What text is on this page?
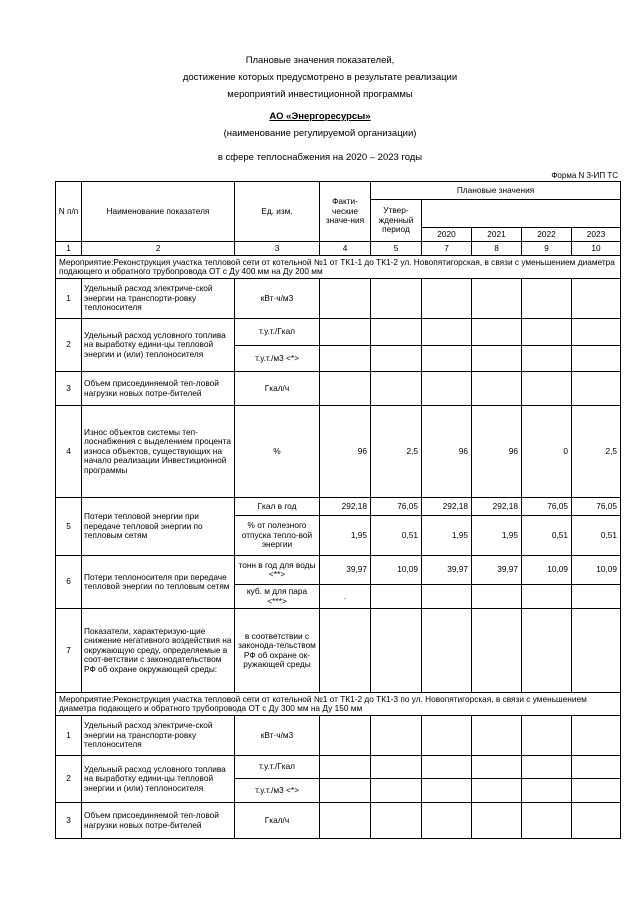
Плановые значения показателей,
достижение которых предусмотрено в результате реализации
мероприятий инвестиционной программы
АО «Энергоресурсы»
(наименование регулируемой организации)
в сфере теплоснабжения на 2020 – 2023 годы
Форма N 3-ИП ТС
N п/п	Наименование показателя	Ед. изм.	Факти-ческие значе-ния	Плановые значения				
				Утвер-жденный период				
					2020	2021	2022	2023
1	2	3	4	5	7	8	9	10
Мероприятие:Реконструкция участка тепловой сети от котельной №1 от ТК1-1 до ТК1-2 ул. Новопятигорская, в связи с уменьшением диаметра подающего и обратного трубопровода ОТ с Ду 400 мм на Ду 200 мм								
1	Удельный расход электриче-ской энергии на транспорти-ровку теплоносителя	кВт·ч/м3						
2	Удельный расход условного топлива на выработку едини-цы тепловой энергии и (или) теплоносителя	т.у.т./Гкал						
		т.у.т./м3 <*>						
3	Объем присоединяемой теп-ловой нагрузки новых потре-бителей	Гкал/ч						
4	Износ объектов системы теп-лоснабжения с выделением процента износа объектов, существующих на начало реализации Инвестиционной программы	%	96	2,5	96	96	0	2,5
5	Потери тепловой энергии при передаче тепловой энергии по тепловым сетям	Гкал в год	292,18	76,05	292,18	292,18	76,05	76,05
		% от полезного отпуска тепло-вой энергии	1,95	0,51	1,95	1,95	0,51	0,51
6	Потери теплоносителя при передаче тепловой энергии по тепловым сетям	тонн в год для воды <**>	39,97	10,09	39,97	39,97	10,09	10,09
		куб. м для пара <***>	.					
7	Показатели, характеризую-щие снижение негативного воздействия на окружающую среду, определяемые в соот-ветствии с законодательством РФ об охране окружающей среды:	в соответствии с законода-тельством РФ об охране ок-ружающей среды						
Мероприятие:Реконструкция участка тепловой сети от котельной №1 от ТК1-2 до ТК1-3 по ул. Новопятигорская, в связи с уменьшением диаметра подающего и обратного трубопровода ОТ с Ду 300 мм на Ду 150 мм								
1	Удельный расход электриче-ской энергии на транспорти-ровку теплоносителя	кВт·ч/м3						
2	Удельный расход условного топлива на выработку едини-цы тепловой энергии и (или) теплоносителя	т.у.т./Гкал						
		т.у.т./м3 <*>						
3	Объем присоединяемой теп-ловой нагрузки новых потре-бителей	Гкал/ч						
